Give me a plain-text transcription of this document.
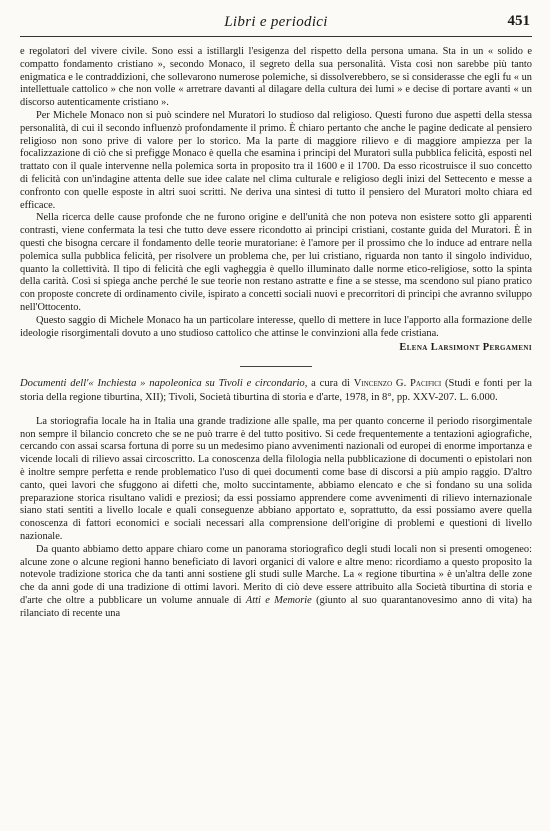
Libri e periodici	451

e regolatori del vivere civile. Sono essi a istillargli l'esigenza del rispetto della persona umana. Sta in un « solido e compatto fondamento cristiano », secondo Monaco, il segreto della sua personalità. Vista così non sarebbe più tanto enigmatica e le contraddizioni, che sollevarono numerose polemiche, si dissolverebbero, se si considerasse che egli fu « un intellettuale cattolico » che non volle « arretrare davanti al dilagare della cultura dei lumi » e decise di portare avanti « un discorso autenticamente cristiano ».

Per Michele Monaco non si può scindere nel Muratori lo studioso dal religioso. Questi furono due aspetti della stessa personalità, di cui il secondo influenzò profondamente il primo. È chiaro pertanto che anche le pagine dedicate al pensiero religioso non sono prive di valore per lo storico. Ma la parte di maggiore rilievo e di maggiore ampiezza per la focalizzazione di ciò che si prefigge Monaco è quella che esamina i principi del Muratori sulla pubblica felicità, esposti nel trattato con il quale intervenne nella polemica sorta in proposito tra il 1600 e il 1700. Da esso ricostruisce il suo concetto di felicità con un'indagine attenta delle sue idee calate nel clima culturale e religioso degli inizi del Settecento e messe a confronto con quelle esposte in altri suoi scritti. Ne deriva una sintesi di tutto il pensiero del Muratori molto chiara ed efficace.

Nella ricerca delle cause profonde che ne furono origine e dell'unità che non poteva non esistere sotto gli apparenti contrasti, viene confermata la tesi che tutto deve essere ricondotto ai principi cristiani, costante guida del Muratori. È in questi che bisogna cercare il fondamento delle teorie muratoriane: è l'amore per il prossimo che lo induce ad entrare nella polemica sulla pubblica felicità, per risolvere un problema che, per lui cristiano, riguarda non tanto il singolo individuo, quanto la collettività. Il tipo di felicità che egli vagheggia è quello illuminato dalle norme etico-religiose, sotto la spinta della carità. Così si spiega anche perché le sue teorie non restano astratte e fine a se stesse, ma scendono sul piano pratico con proposte concrete di ordinamento civile, ispirato a concetti sociali nuovi e precorritori di principi che avranno sviluppo nell'Ottocento.

Questo saggio di Michele Monaco ha un particolare interesse, quello di mettere in luce l'apporto alla formazione delle ideologie risorgimentali dovuto a uno studioso cattolico che attinse le convinzioni alla fede cristiana.

Elena Larsimont Pergameni
Documenti dell'« Inchiesta » napoleonica su Tivoli e circondario, a cura di Vincenzo G. Pacifici (Studi e fonti per la storia della regione tiburtina, XII); Tivoli, Società tiburtina di storia e d'arte, 1978, in 8°, pp. XXV-207. L. 6.000.

La storiografia locale ha in Italia una grande tradizione alle spalle, ma per quanto concerne il periodo risorgimentale non sempre il bilancio concreto che se ne può trarre è del tutto positivo. Si cede frequentemente a tentazioni agiografiche, cercando con assai scarsa fortuna di porre su un medesimo piano avvenimenti nazionali od europei di enorme importanza e vicende locali di rilievo assai circoscritto. La conoscenza della filologia nella pubblicazione di documenti o epistolari non è inoltre sempre perfetta e rende problematico l'uso di quei documenti come base di discorsi a più ampio raggio. D'altro canto, quei lavori che sfuggono ai difetti che, molto succintamente, abbiamo elencato e che si fondano su una solida preparazione storica risultano validi e preziosi; da essi possiamo apprendere come avvenimenti di rilievo internazionale siano stati sentiti a livello locale e quali conseguenze abbiano apportato e, soprattutto, da essi possiamo avere quella conoscenza di fattori economici e sociali necessari alla comprensione dell'origine di problemi e questioni di livello nazionale.

Da quanto abbiamo detto appare chiaro come un panorama storiografico degli studi locali non si presenti omogeneo: alcune zone o alcune regioni hanno beneficiato di lavori organici di valore e altre meno: ricordiamo a questo proposito la notevole tradizione storica che da tanti anni sostiene gli studi sulle Marche. La « regione tiburtina » è un'altra delle zone che da anni gode di una tradizione di ottimi lavori. Merito di ciò deve essere attribuito alla Società tiburtina di storia e d'arte che oltre a pubblicare un volume annuale di Atti e Memorie (giunto al suo quarantanovesimo anno di vita) ha rilanciato di recente una
